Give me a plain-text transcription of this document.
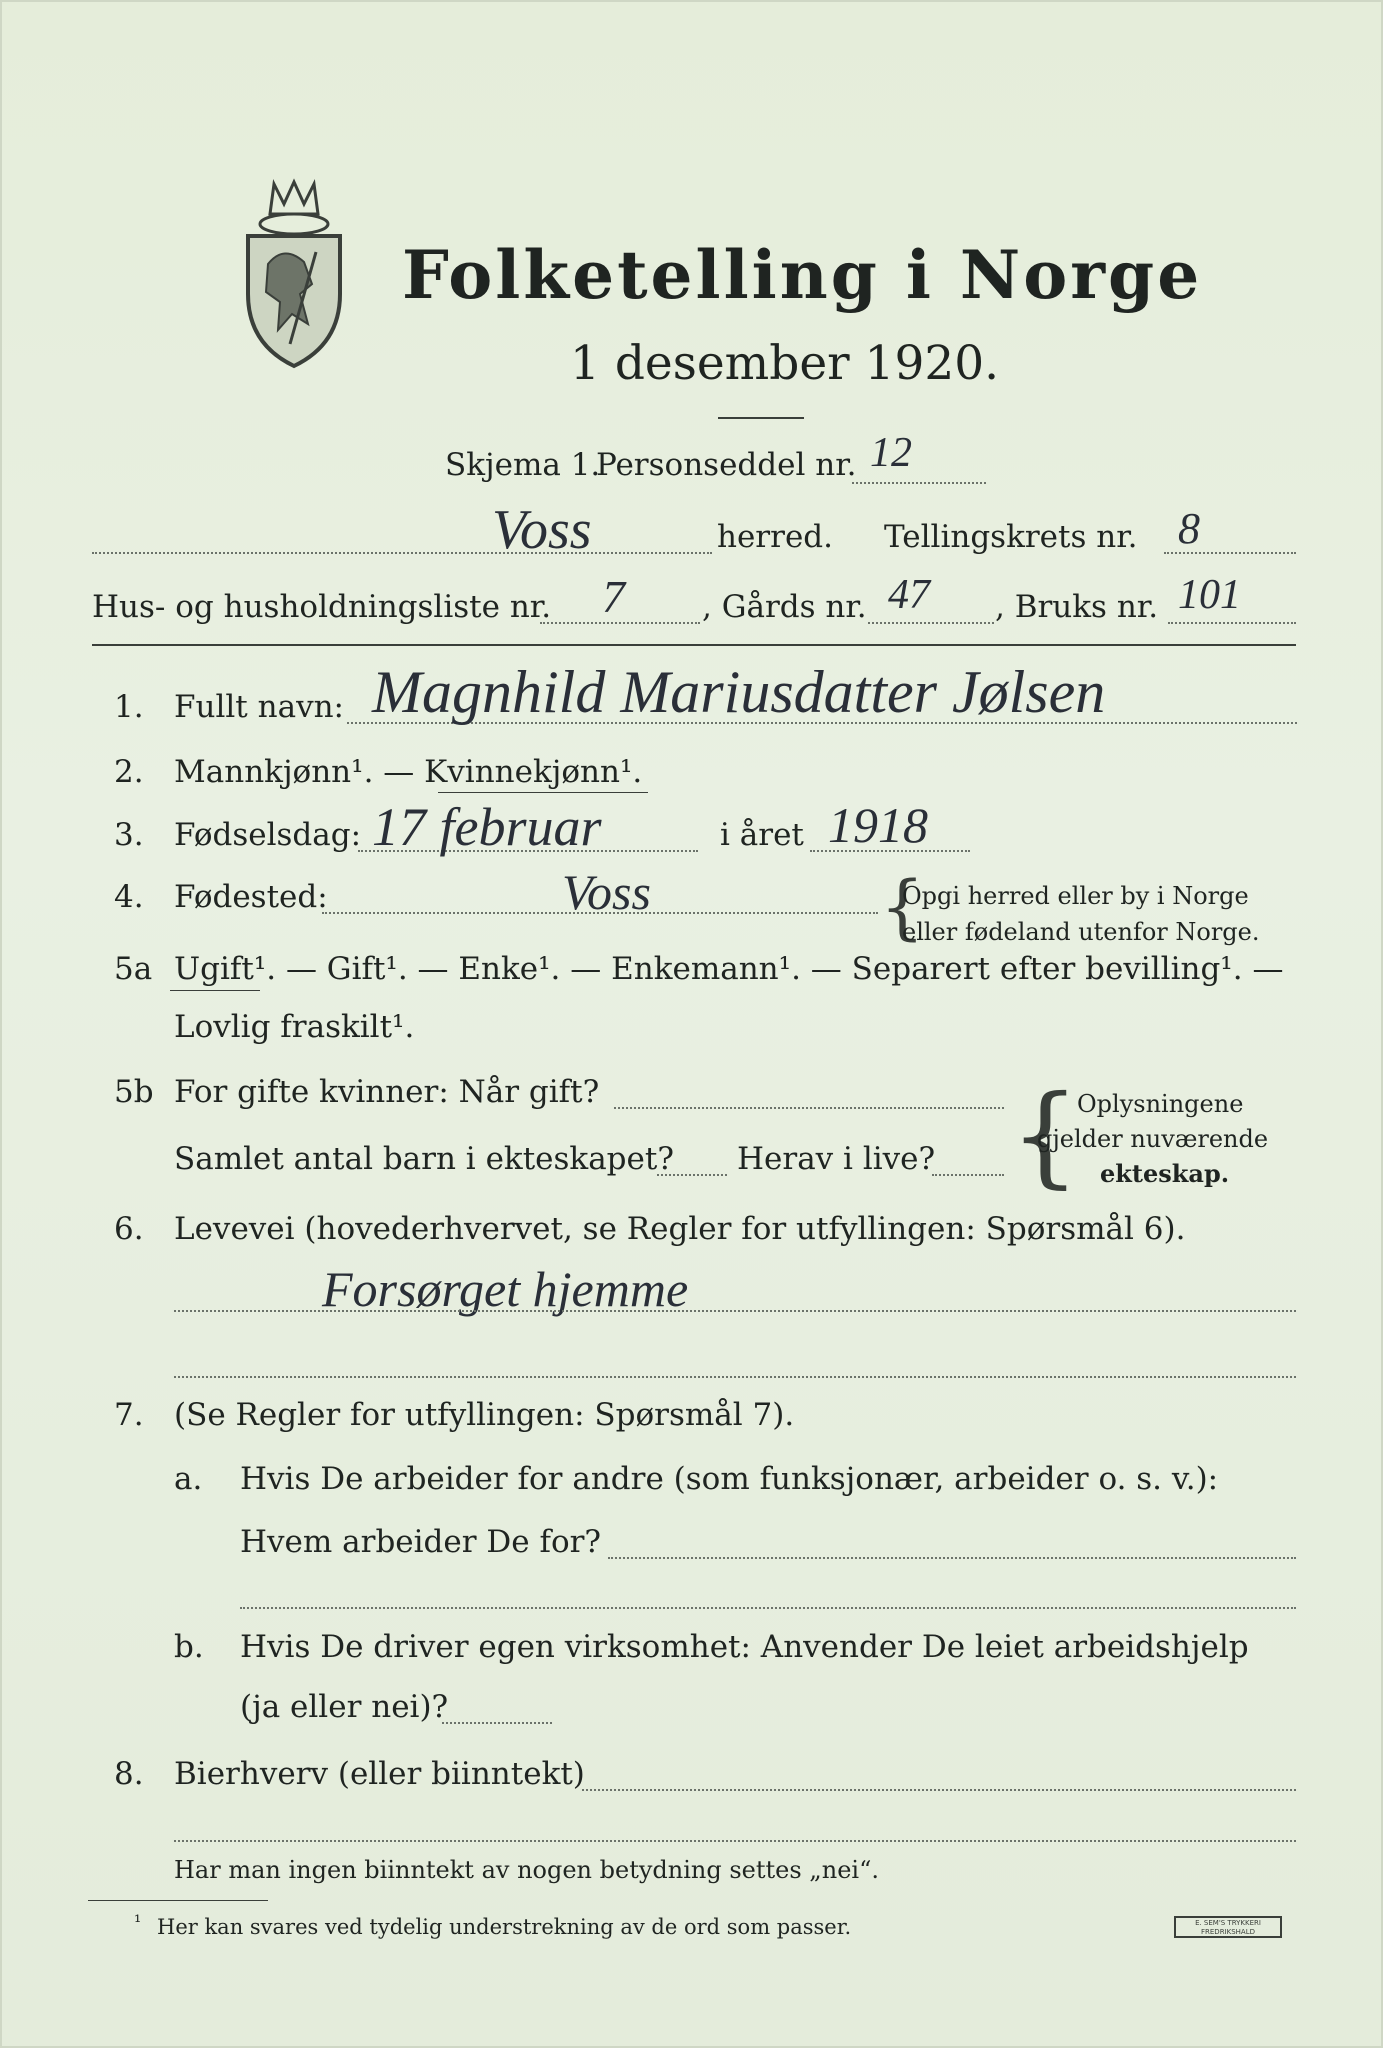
Folketelling i Norge
1 desember 1920.
Skjema 1.
Personseddel nr. 12
Voss	herred. Tellingskrets nr. 8
Hus- og husholdningsliste nr. 7 , Gårds nr. 47 , Bruks nr. 101
1. Fullt navn: Magnhild Mariusdatter Jølsen
2. Mannkjønn¹. — Kvinnekjønn¹.
3. Fødselsdag: 17 februar	i året 1918
4. Fødested:	Voss	{
Opgi herred eller by i Norge
eller fødeland utenfor Norge.
5a Ugift¹. — Gift¹. — Enke¹. — Enkemann¹. — Separert efter bevilling¹. —
Lovlig fraskilt¹.
5b For gifte kvinner: Når gift?
Samlet antal barn i ekteskapet? Herav i live? {
Oplysningene
gjelder nuværende
ekteskap.
6. Levevei (hovederhvervet, se Regler for utfyllingen: Spørsmål 6).
Forsørget hjemme
7. (Se Regler for utfyllingen: Spørsmål 7).
a. Hvis De arbeider for andre (som funksjonær, arbeider o. s. v.):
Hvem arbeider De for?
b. Hvis De driver egen virksomhet: Anvender De leiet arbeidshjelp
(ja eller nei)?
8. Bierhverv (eller biinntekt)
Har man ingen biinntekt av nogen betydning settes „nei“.
¹ Her kan svares ved tydelig understrekning av de ord som passer.	E. SEM'S TRYKKERI FREDRIKSHALD
